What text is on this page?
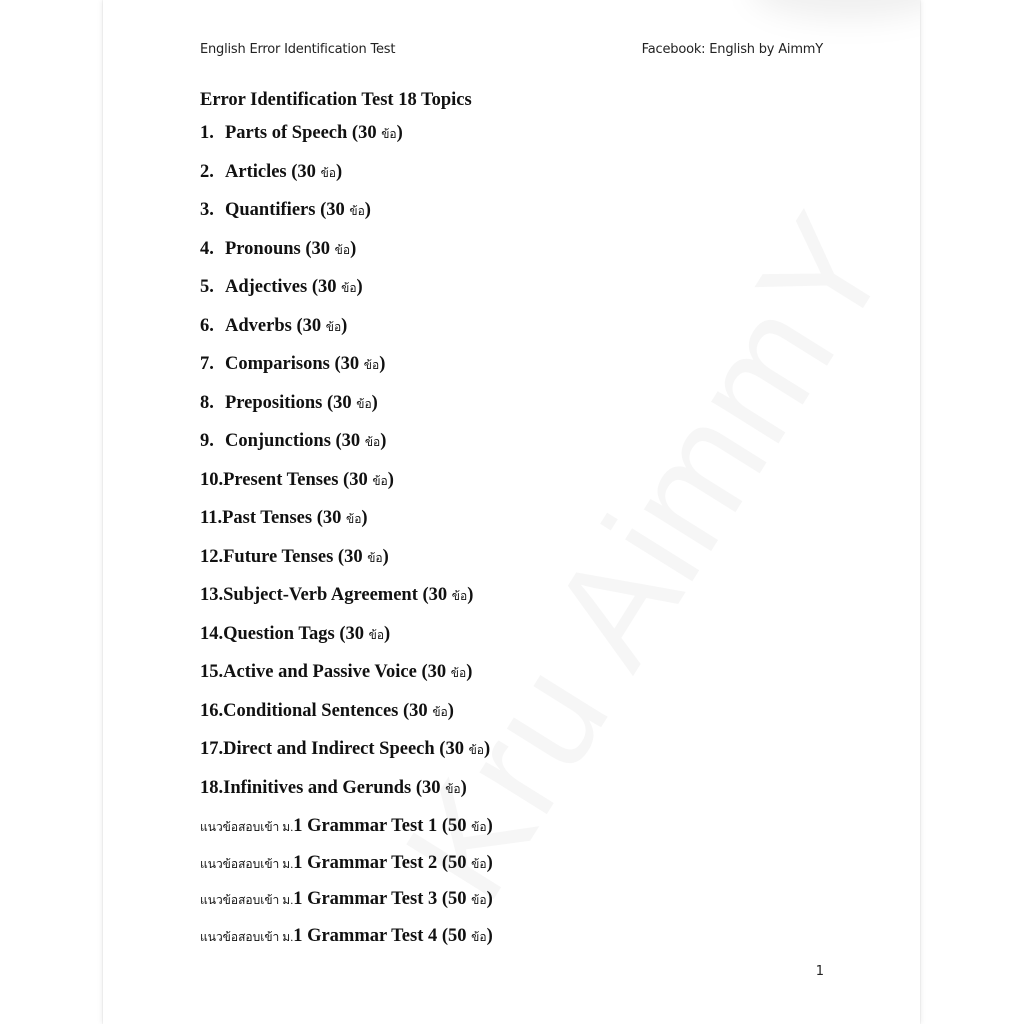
English Error Identification Test	Facebook: English by AimmY
Error Identification Test 18 Topics
1. Parts of Speech (30 ข้อ)
2. Articles (30 ข้อ)
3. Quantifiers (30 ข้อ)
4. Pronouns (30 ข้อ)
5. Adjectives (30 ข้อ)
6. Adverbs (30 ข้อ)
7. Comparisons (30 ข้อ)
8. Prepositions (30 ข้อ)
9. Conjunctions (30 ข้อ)
10.Present Tenses (30 ข้อ)
11.Past Tenses (30 ข้อ)
12.Future Tenses (30 ข้อ)
13.Subject-Verb Agreement (30 ข้อ)
14.Question Tags (30 ข้อ)
15.Active and Passive Voice (30 ข้อ)
16.Conditional Sentences (30 ข้อ)
17.Direct and Indirect Speech (30 ข้อ)
18.Infinitives and Gerunds (30 ข้อ)
แนวข้อสอบเข้า ม.1 Grammar Test 1 (50 ข้อ)
แนวข้อสอบเข้า ม.1 Grammar Test 2 (50 ข้อ)
แนวข้อสอบเข้า ม.1 Grammar Test 3 (50 ข้อ)
แนวข้อสอบเข้า ม.1 Grammar Test 4 (50 ข้อ)
1
